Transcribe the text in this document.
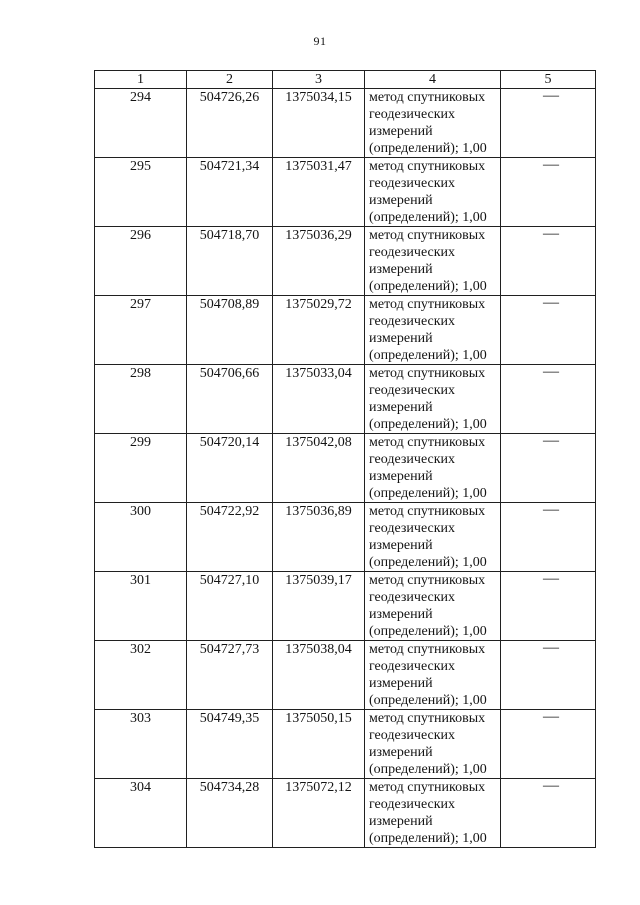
91
1	2	3	4	5
294	504726,26	1375034,15	метод спутниковых
геодезических
измерений
(определений); 1,00	—
295	504721,34	1375031,47	метод спутниковых
геодезических
измерений
(определений); 1,00	—
296	504718,70	1375036,29	метод спутниковых
геодезических
измерений
(определений); 1,00	—
297	504708,89	1375029,72	метод спутниковых
геодезических
измерений
(определений); 1,00	—
298	504706,66	1375033,04	метод спутниковых
геодезических
измерений
(определений); 1,00	—
299	504720,14	1375042,08	метод спутниковых
геодезических
измерений
(определений); 1,00	—
300	504722,92	1375036,89	метод спутниковых
геодезических
измерений
(определений); 1,00	—
301	504727,10	1375039,17	метод спутниковых
геодезических
измерений
(определений); 1,00	—
302	504727,73	1375038,04	метод спутниковых
геодезических
измерений
(определений); 1,00	—
303	504749,35	1375050,15	метод спутниковых
геодезических
измерений
(определений); 1,00	—
304	504734,28	1375072,12	метод спутниковых
геодезических
измерений
(определений); 1,00	—
